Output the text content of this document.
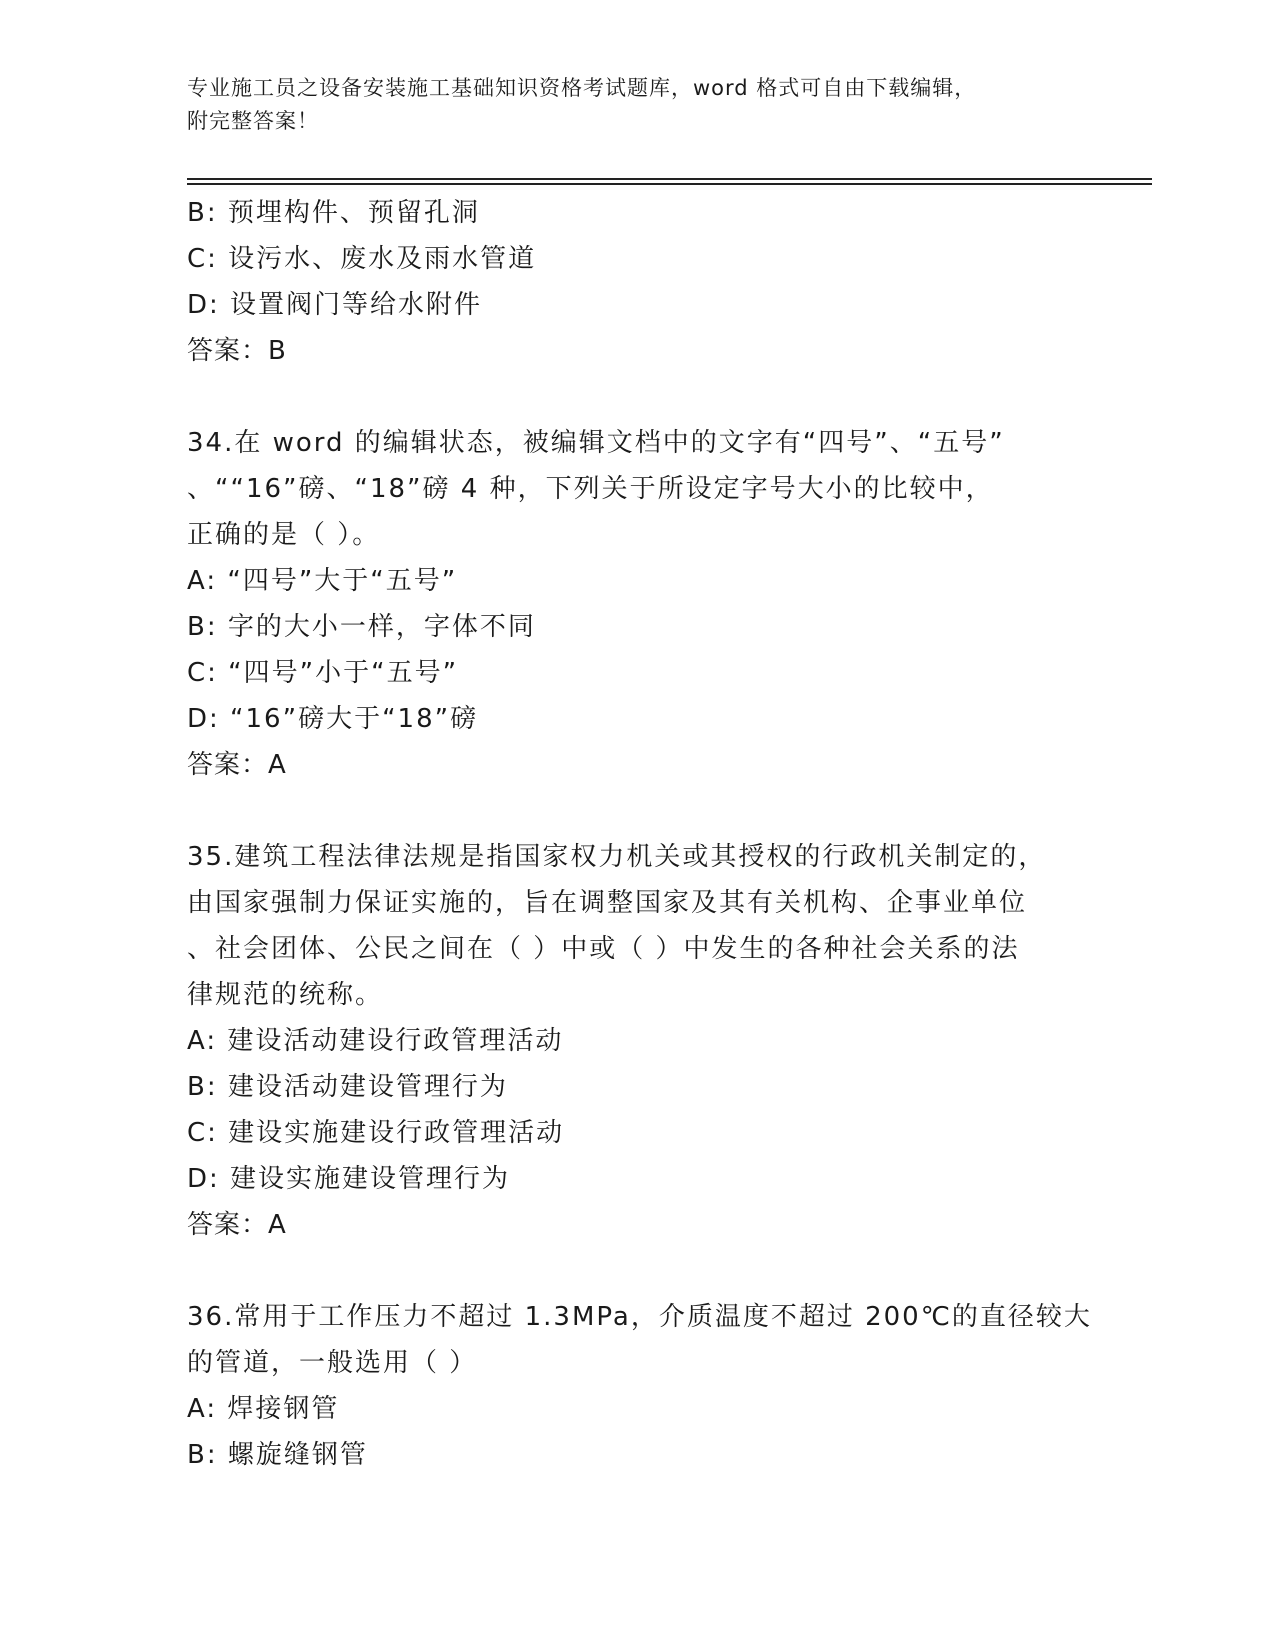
专业施工员之设备安装施工基础知识资格考试题库，word 格式可自由下载编辑，
附完整答案！
B: 预埋构件、预留孔洞
C: 设污水、废水及雨水管道
D: 设置阀门等给水附件
答案：B
34.在 word 的编辑状态，被编辑文档中的文字有“四号”、“五号”
、““16”磅、“18”磅 4 种，下列关于所设定字号大小的比较中，
正确的是（ ）。
A: “四号”大于“五号”
B: 字的大小一样，字体不同
C: “四号”小于“五号”
D: “16”磅大于“18”磅
答案：A
35.建筑工程法律法规是指国家权力机关或其授权的行政机关制定的，
由国家强制力保证实施的，旨在调整国家及其有关机构、企事业单位
、社会团体、公民之间在（ ）中或（ ）中发生的各种社会关系的法
律规范的统称。
A: 建设活动建设行政管理活动
B: 建设活动建设管理行为
C: 建设实施建设行政管理活动
D: 建设实施建设管理行为
答案：A
36.常用于工作压力不超过 1.3MPa，介质温度不超过 200℃的直径较大
的管道，一般选用（ ）
A: 焊接钢管
B: 螺旋缝钢管
